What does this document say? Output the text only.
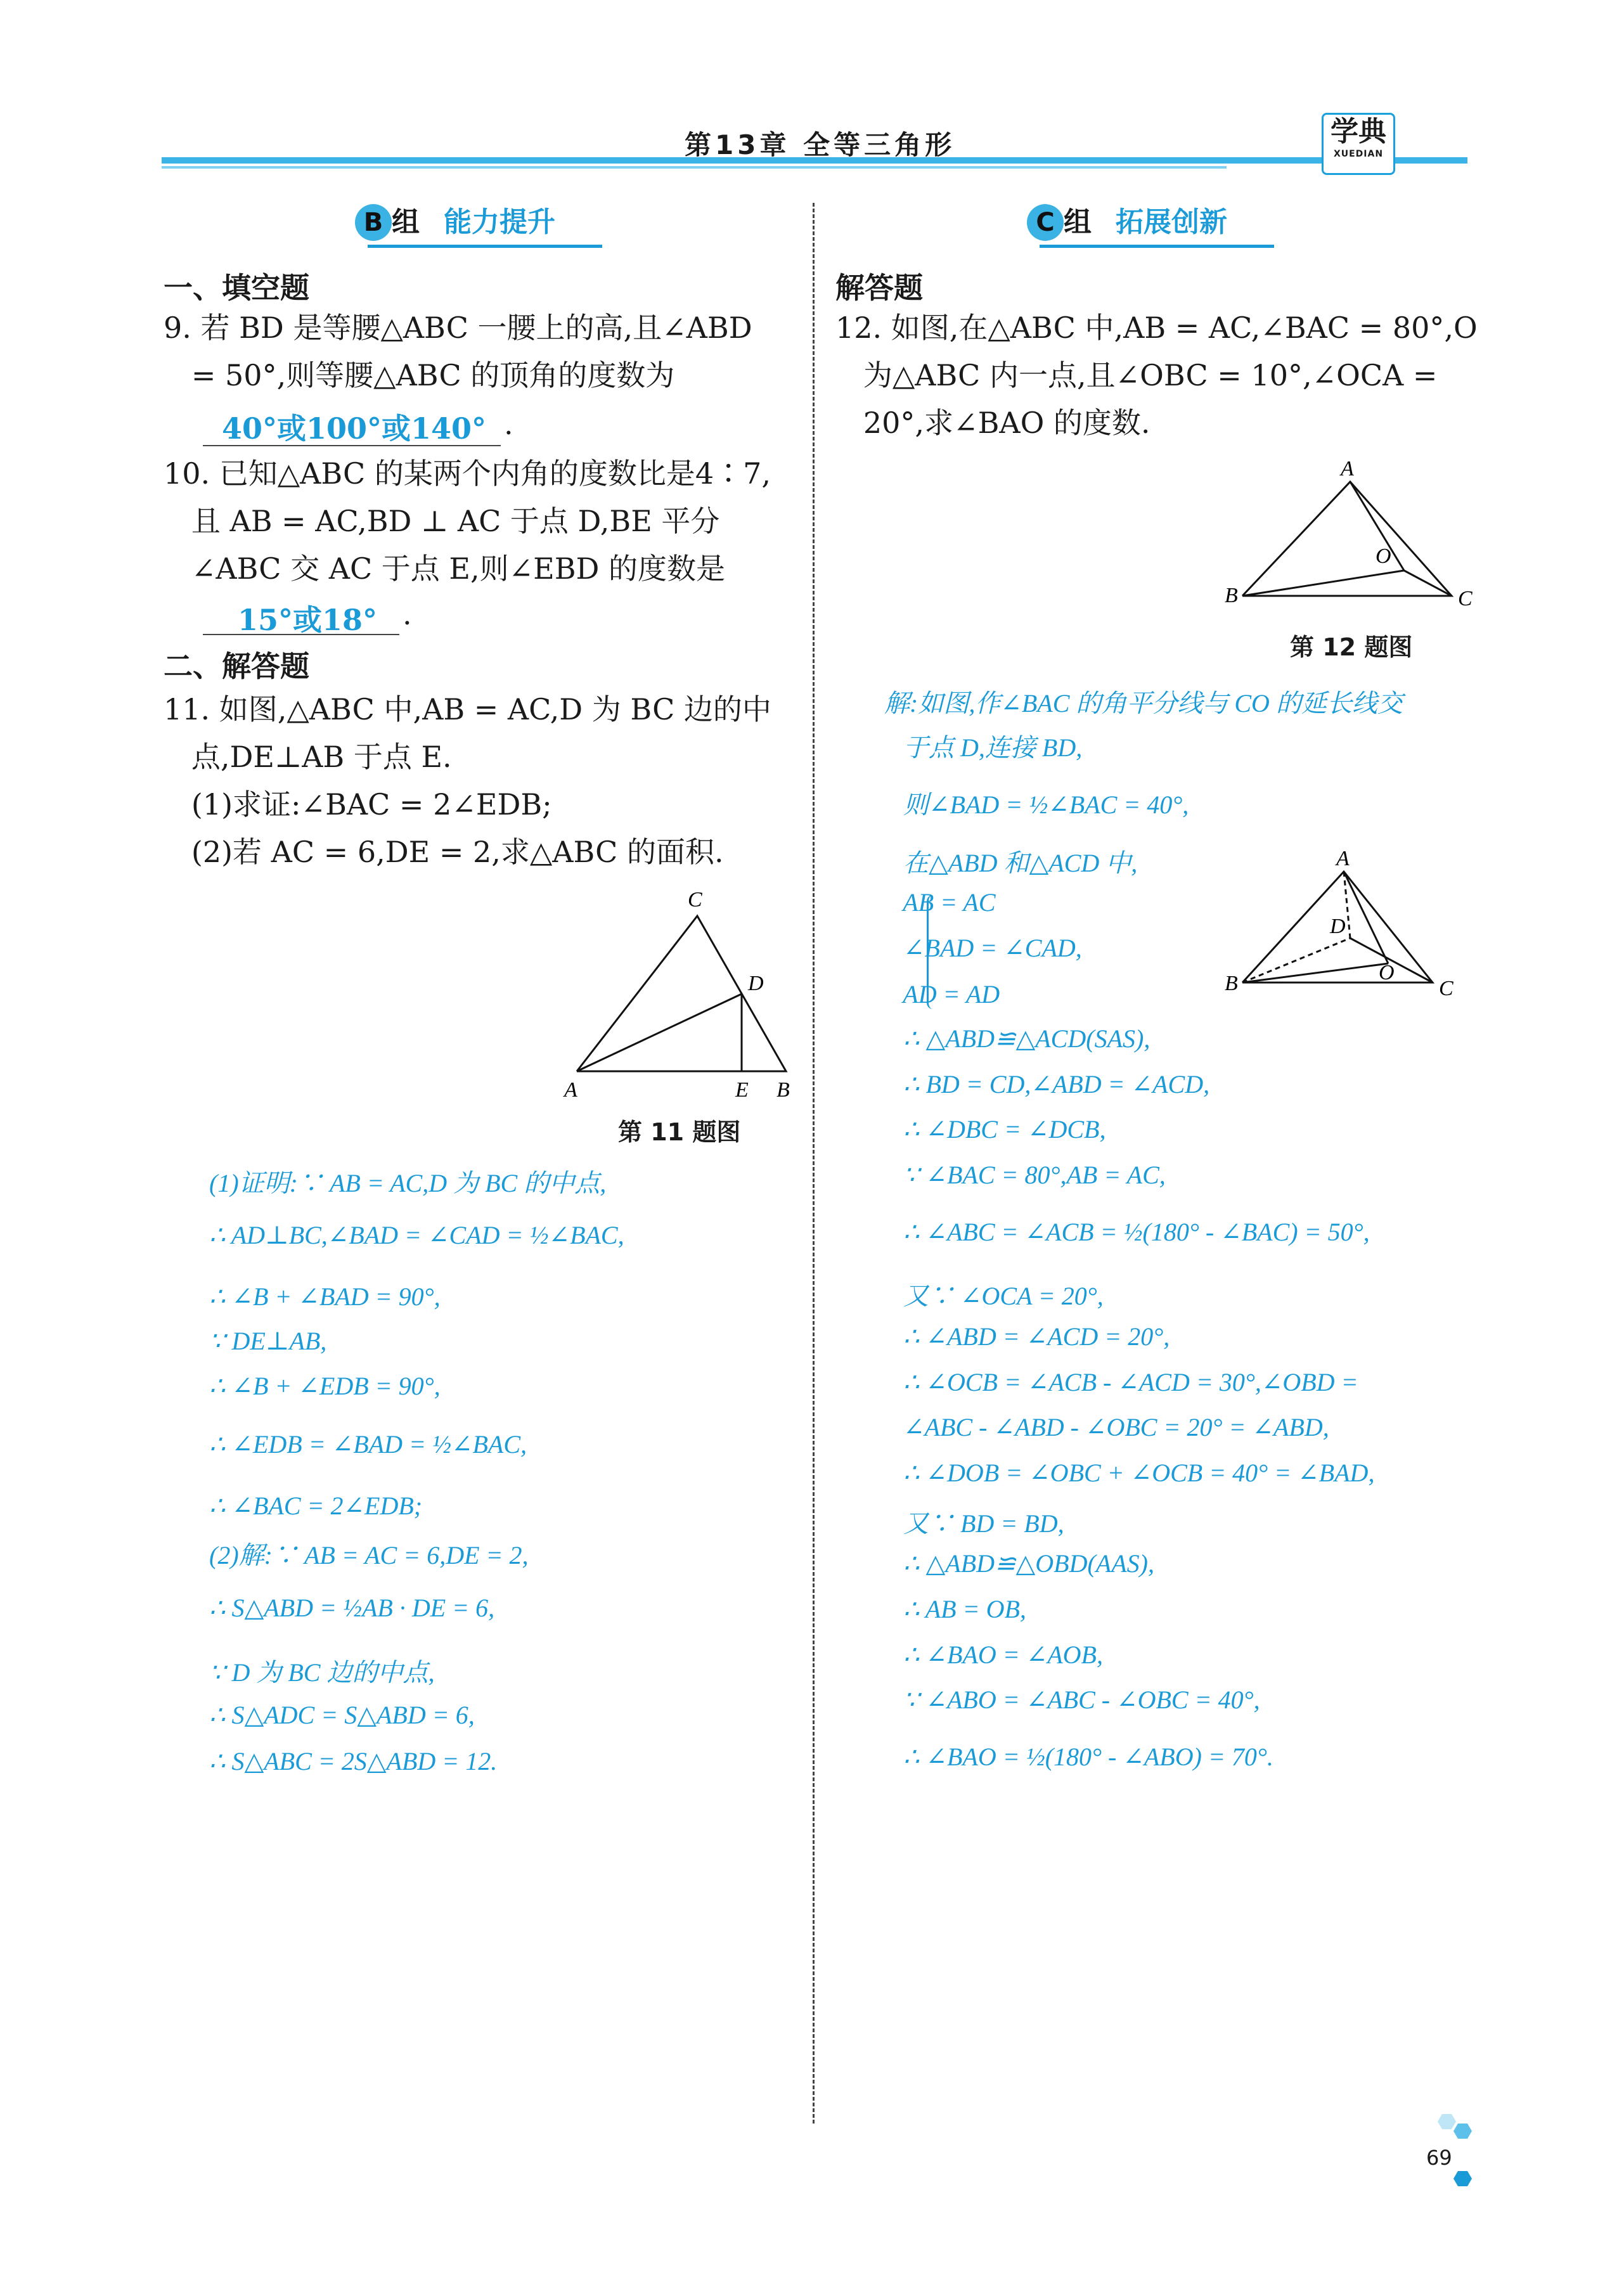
第13章 全等三角形	学典
XUEDIAN
B 组 能力提升
一、填空题
9. 若 BD 是等腰△ABC 一腰上的高,且∠ABD
= 50°,则等腰△ABC 的顶角的度数为
40°或100°或140° .
10. 已知△ABC 的某两个内角的度数比是4∶7,
且 AB = AC,BD ⊥ AC 于点 D,BE 平分
∠ABC 交 AC 于点 E,则∠EBD 的度数是
15°或18° .
二、解答题
11. 如图,△ABC 中,AB = AC,D 为 BC 边的中
点,DE⊥AB 于点 E.
(1)求证:∠BAC = 2∠EDB;
(2)若 AC = 6,DE = 2,求△ABC 的面积.
A	B
C
D
E
第 11 题图
(1)证明:∵ AB = AC,D 为 BC 的中点,
∴ AD⊥BC,∠BAD = ∠CAD = ½∠BAC,
∴ ∠B + ∠BAD = 90°,
∵ DE⊥AB,
∴ ∠B + ∠EDB = 90°,
∴ ∠EDB = ∠BAD = ½∠BAC,
∴ ∠BAC = 2∠EDB;
(2)解:∵ AB = AC = 6,DE = 2,
∴ S△ABD = ½AB · DE = 6,
∵ D 为 BC 边的中点,
∴ S△ADC = S△ABD = 6,
∴ S△ABC = 2S△ABD = 12.
C 组 拓展创新
解答题
12. 如图,在△ABC 中,AB = AC,∠BAC = 80°,O
为△ABC 内一点,且∠OBC = 10°,∠OCA =
20°,求∠BAO 的度数.
A
B	C
O
第 12 题图
解:如图,作∠BAC 的角平分线与 CO 的延长线交
于点 D,连接 BD,
则∠BAD = ½∠BAC = 40°,
在△ABD 和△ACD 中,
AB = AC
∠BAD = ∠CAD,
AD = AD
A
B	C
D
O
∴ △ABD≌△ACD(SAS),
∴ BD = CD,∠ABD = ∠ACD,
∴ ∠DBC = ∠DCB,
∵ ∠BAC = 80°,AB = AC,
∴ ∠ABC = ∠ACB = ½(180° - ∠BAC) = 50°,
又∵ ∠OCA = 20°,
∴ ∠ABD = ∠ACD = 20°,
∴ ∠OCB = ∠ACB - ∠ACD = 30°,∠OBD =
∠ABC - ∠ABD - ∠OBC = 20° = ∠ABD,
∴ ∠DOB = ∠OBC + ∠OCB = 40° = ∠BAD,
又∵ BD = BD,
∴ △ABD≌△OBD(AAS),
∴ AB = OB,
∴ ∠BAO = ∠AOB,
∵ ∠ABO = ∠ABC - ∠OBC = 40°,
∴ ∠BAO = ½(180° - ∠ABO) = 70°.
69
